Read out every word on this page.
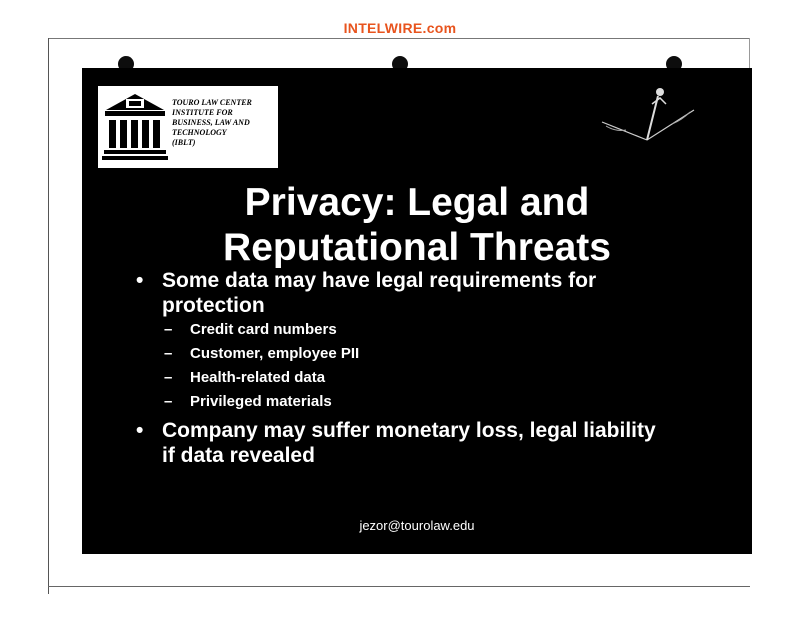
INTELWIRE.com
TOURO LAW CENTER
INSTITUTE FOR
BUSINESS, LAW AND
TECHNOLOGY
(IBLT)
Privacy: Legal and
Reputational Threats
• Some data may have legal requirements for
protection
– Credit card numbers
– Customer, employee PII
– Health-related data
– Privileged materials
• Company may suffer monetary loss, legal liability
if data revealed
jezor@tourolaw.edu
